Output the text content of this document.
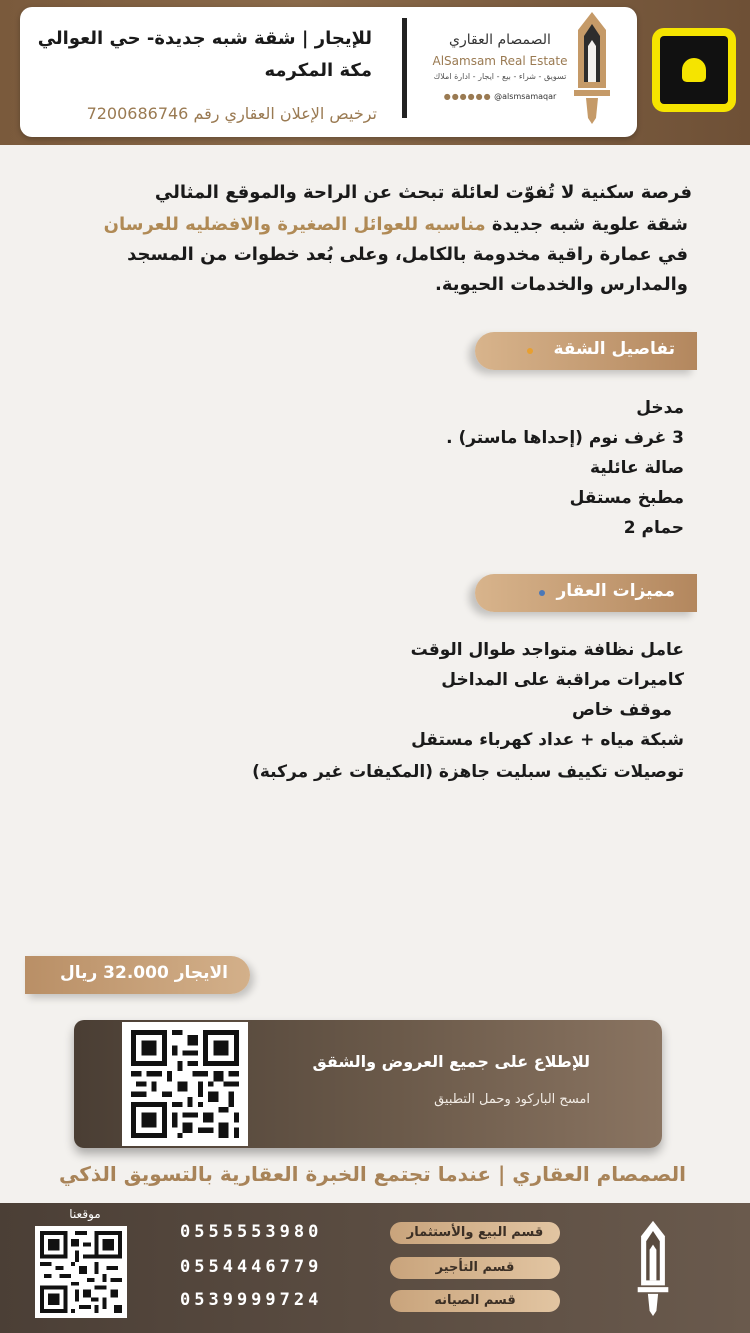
الصمصام العقاري
AlSamsam Real Estate
تسويق - شراء - بيع - ايجار - ادارة املاك
●●●●●● @alsmsamaqar
للإيجار | شقة شبه جديدة- حي العوالي
مكة المكرمه
ترخيص الإعلان العقاري رقم 7200686746

فرصة سكنية لا تُفوّت لعائلة تبحث عن الراحة والموقع المثالي

شقة علوية شبه جديدة مناسبه للعوائل الصغيرة والافضليه للعرسان

في عمارة راقية مخدومة بالكامل، وعلى بُعد خطوات من المسجد

والمدارس والخدمات الحيوية.

تفاصيل الشقة
مدخل
3 غرف نوم (إحداها ماستر) .
صالة عائلية
مطبخ مستقل
حمام 2
مميزات العقار
عامل نظافة متواجد طوال الوقت
كاميرات مراقبة على المداخل
موقف خاص
شبكة مياه + عداد كهرباء مستقل
توصيلات تكييف سبليت جاهزة (المكيفات غير مركبة)
الايجار 32.000 ريال
للإطلاع على جميع العروض والشقق
امسح الباركود وحمل التطبيق
الصمصام العقاري | عندما تجتمع الخبرة العقارية بالتسويق الذكي
موقعنا
0555553980	قسم البيع والأستثمار
0554446779	قسم التأجير
0539999724	قسم الصيانه
